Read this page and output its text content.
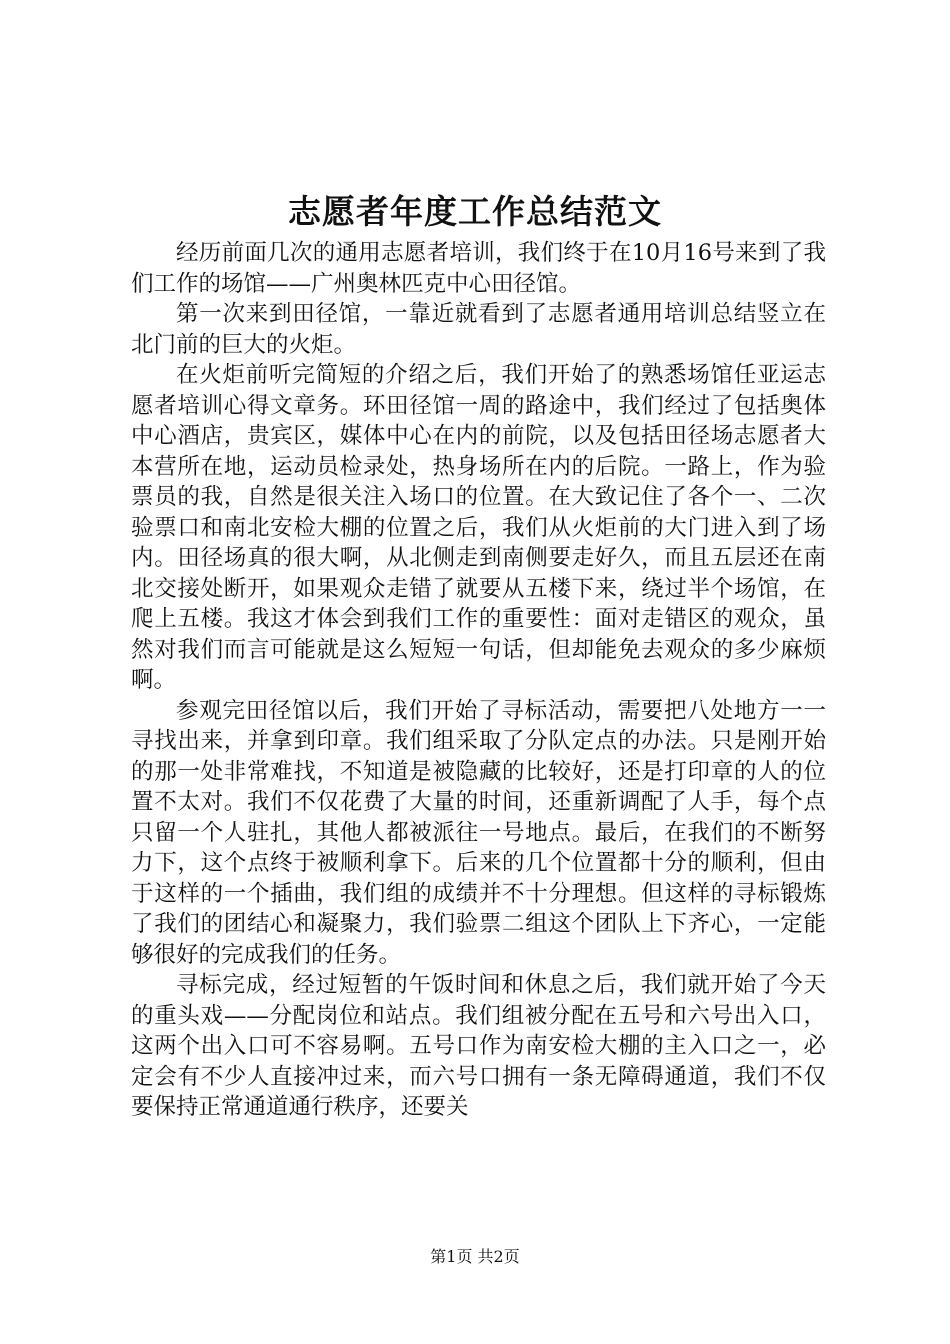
志愿者年度工作总结范文

经历前面几次的通用志愿者培训，我们终于在10月16号来到了我们工作的场馆——广州奥林匹克中心田径馆。

第一次来到田径馆，一靠近就看到了志愿者通用培训总结竖立在北门前的巨大的火炬。

在火炬前听完简短的介绍之后，我们开始了的熟悉场馆任亚运志愿者培训心得文章务。环田径馆一周的路途中，我们经过了包括奥体中心酒店，贵宾区，媒体中心在内的前院，以及包括田径场志愿者大本营所在地，运动员检录处，热身场所在内的后院。一路上，作为验票员的我，自然是很关注入场口的位置。在大致记住了各个一、二次验票口和南北安检大棚的位置之后，我们从火炬前的大门进入到了场内。田径场真的很大啊，从北侧走到南侧要走好久，而且五层还在南北交接处断开，如果观众走错了就要从五楼下来，绕过半个场馆，在爬上五楼。我这才体会到我们工作的重要性：面对走错区的观众，虽然对我们而言可能就是这么短短一句话，但却能免去观众的多少麻烦啊。

参观完田径馆以后，我们开始了寻标活动，需要把八处地方一一寻找出来，并拿到印章。我们组采取了分队定点的办法。只是刚开始的那一处非常难找，不知道是被隐藏的比较好，还是打印章的人的位置不太对。我们不仅花费了大量的时间，还重新调配了人手，每个点只留一个人驻扎，其他人都被派往一号地点。最后，在我们的不断努力下，这个点终于被顺利拿下。后来的几个位置都十分的顺利，但由于这样的一个插曲，我们组的成绩并不十分理想。但这样的寻标锻炼了我们的团结心和凝聚力，我们验票二组这个团队上下齐心，一定能够很好的完成我们的任务。

寻标完成，经过短暂的午饭时间和休息之后，我们就开始了今天的重头戏——分配岗位和站点。我们组被分配在五号和六号出入口，这两个出入口可不容易啊。五号口作为南安检大棚的主入口之一，必定会有不少人直接冲过来，而六号口拥有一条无障碍通道，我们不仅要保持正常通道通行秩序，还要关

第1页 共2页
